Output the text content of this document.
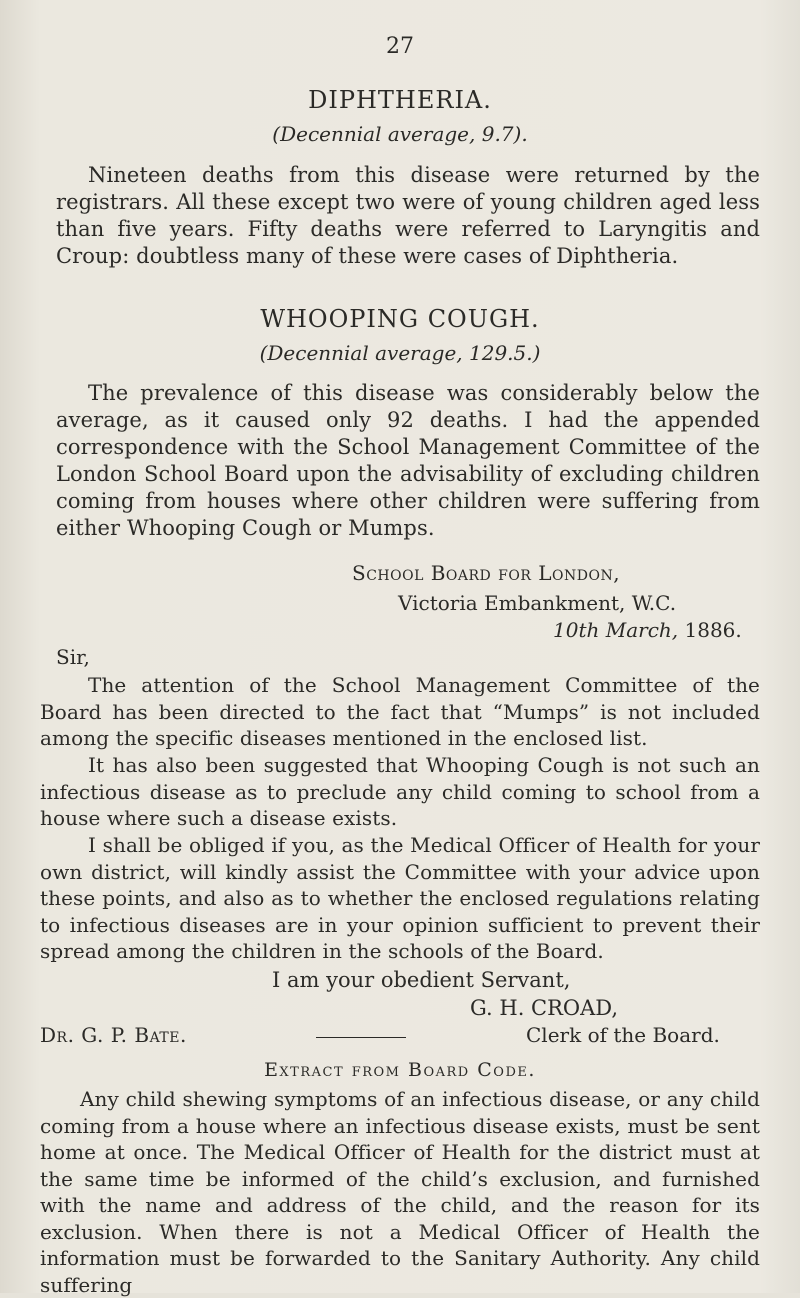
27
DIPHTHERIA.
(Decennial average, 9.7).
Nineteen deaths from this disease were returned by the registrars. All these except two were of young children aged less than five years. Fifty deaths were referred to Laryngitis and Croup: doubtless many of these were cases of Diphtheria.
WHOOPING COUGH.
(Decennial average, 129.5.)
The prevalence of this disease was considerably below the average, as it caused only 92 deaths. I had the appended correspondence with the School Management Committee of the London School Board upon the advisability of excluding children coming from houses where other children were suffering from either Whooping Cough or Mumps.
School Board for London,
Victoria Embankment, W.C.
10th March, 1886.
Sir,
The attention of the School Management Committee of the Board has been directed to the fact that “Mumps” is not included among the specific diseases mentioned in the enclosed list.
It has also been suggested that Whooping Cough is not such an infectious disease as to preclude any child coming to school from a house where such a disease exists.
I shall be obliged if you, as the Medical Officer of Health for your own district, will kindly assist the Committee with your advice upon these points, and also as to whether the enclosed regulations relating to infectious diseases are in your opinion sufficient to prevent their spread among the children in the schools of the Board.
I am your obedient Servant,
G. H. CROAD,
Dr. G. P. Bate.	Clerk of the Board.
Extract from Board Code.
Any child shewing symptoms of an infectious disease, or any child coming from a house where an infectious disease exists, must be sent home at once. The Medical Officer of Health for the district must at the same time be informed of the child’s exclusion, and furnished with the name and address of the child, and the reason for its exclusion. When there is not a Medical Officer of Health the information must be forwarded to the Sanitary Authority. Any child suffering
